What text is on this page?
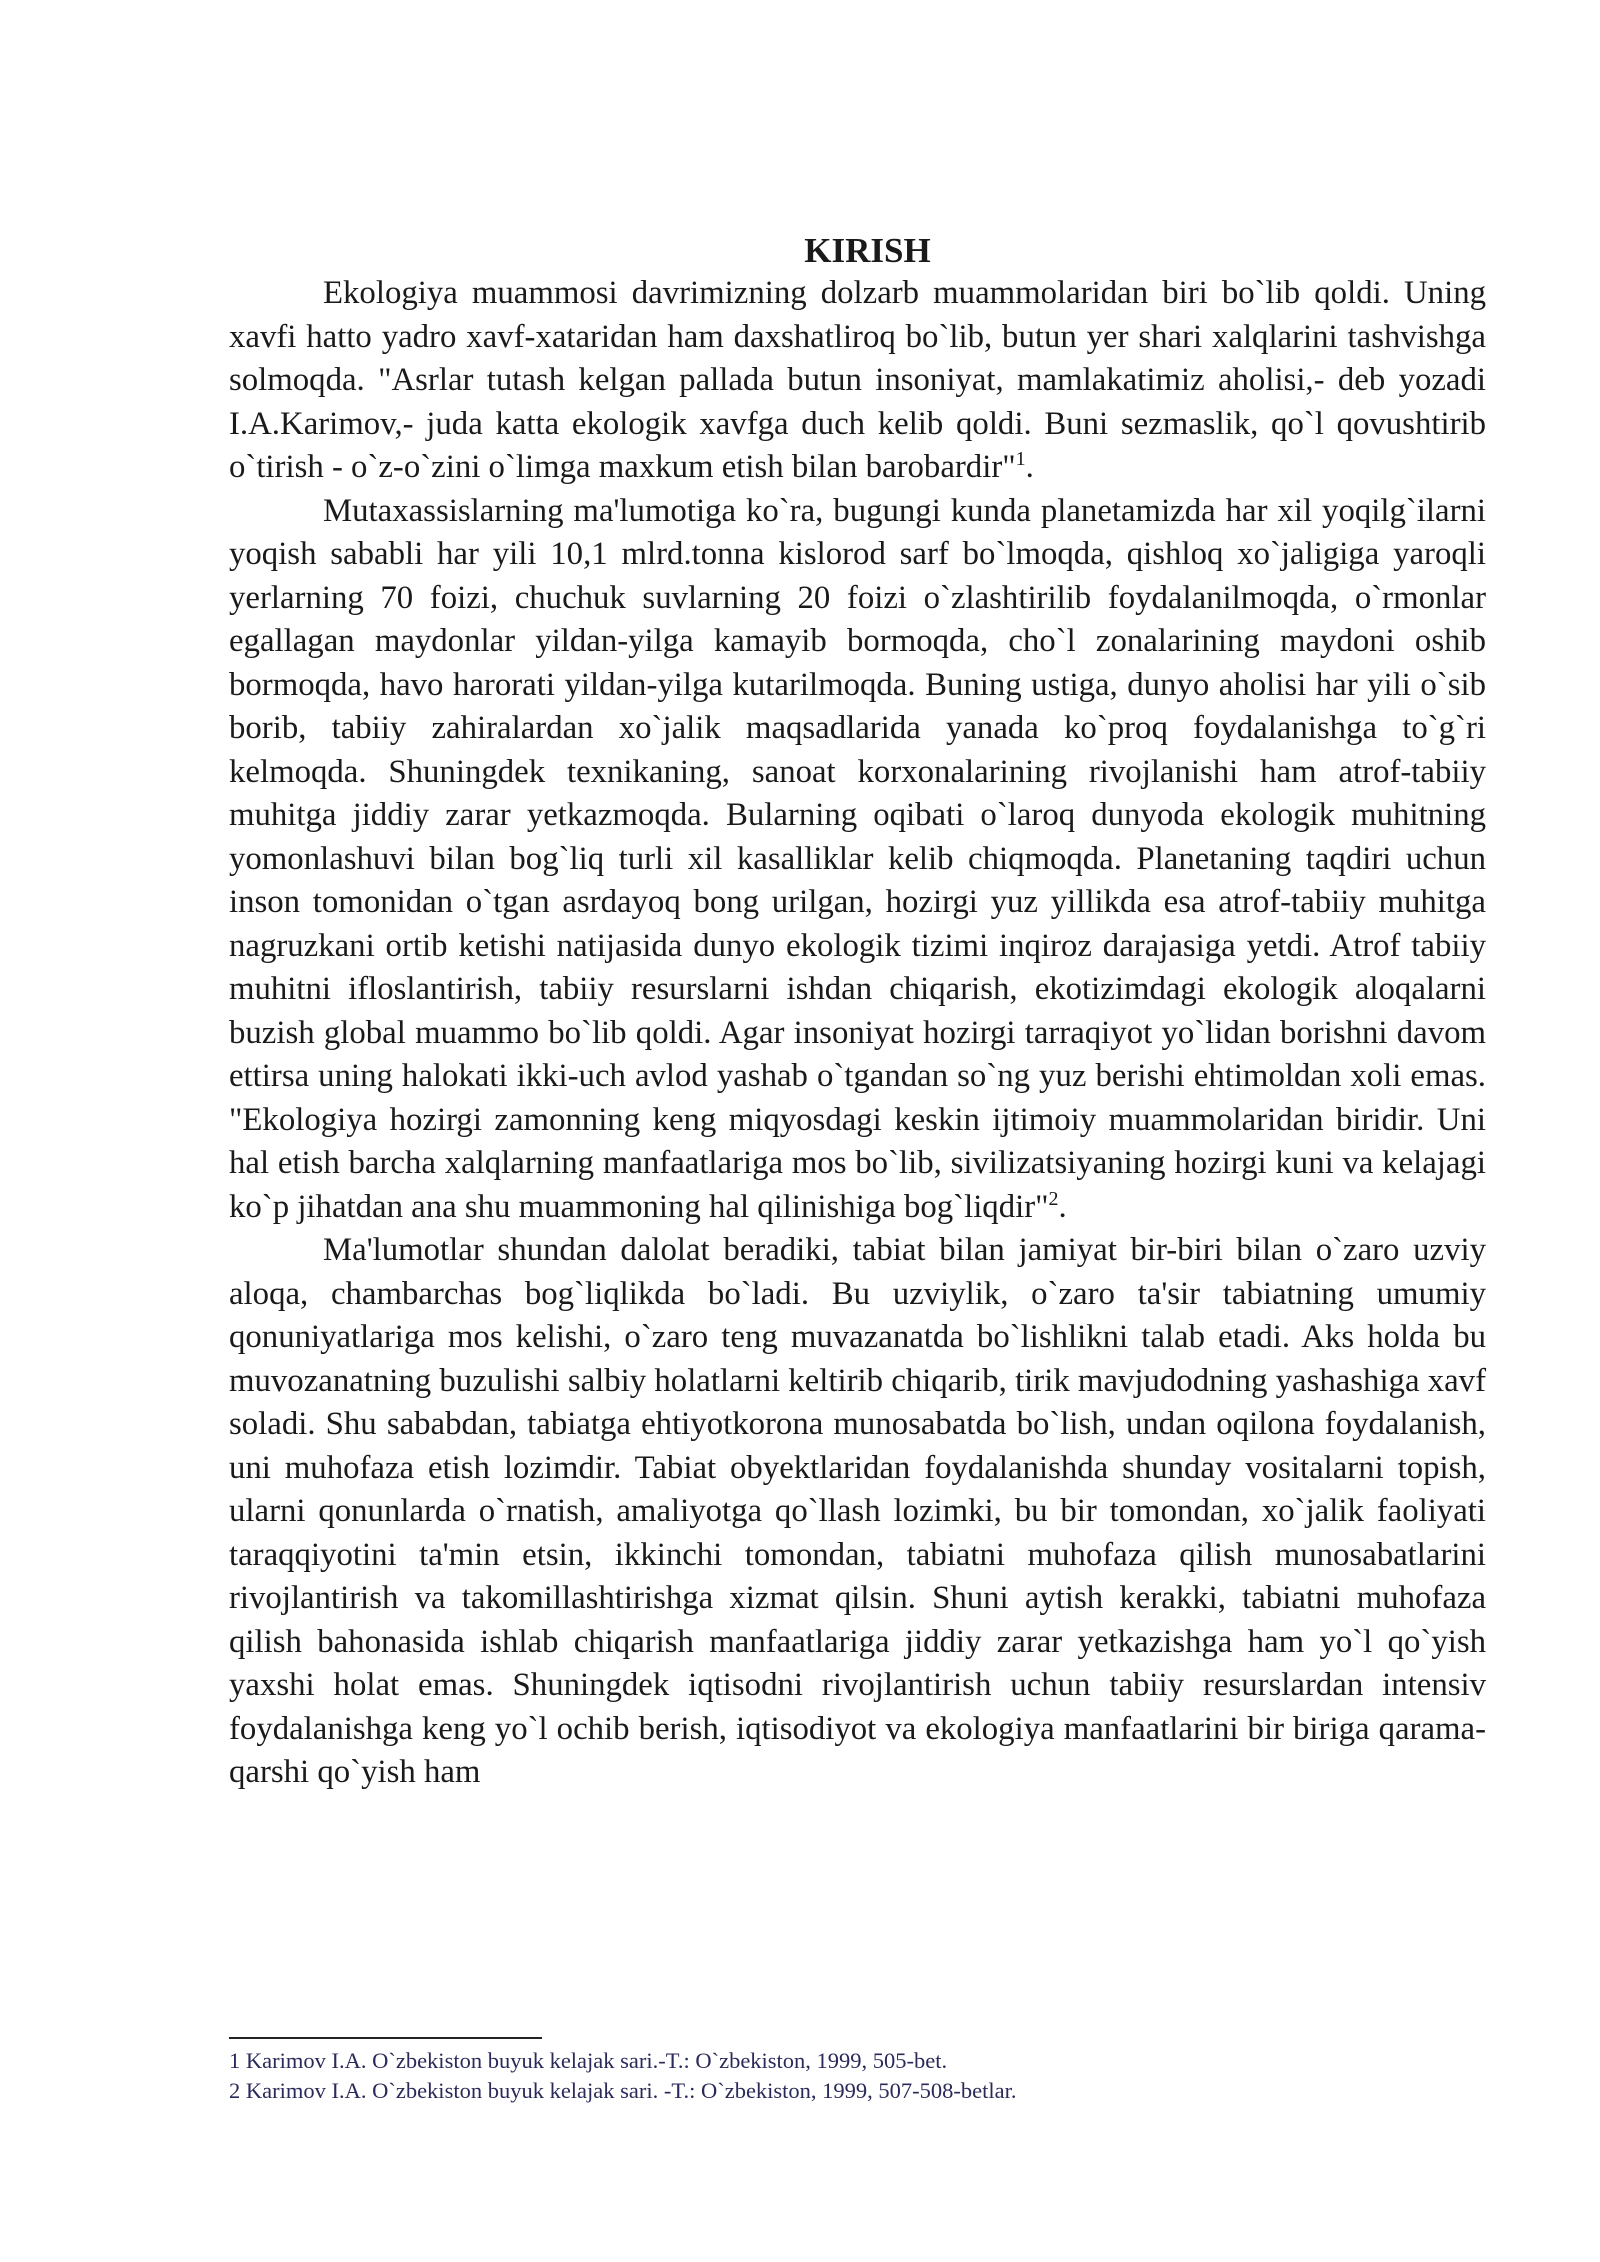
KIRISH

Ekologiya muammosi davrimizning dolzarb muammolaridan biri bo`lib qoldi. Uning xavfi hatto yadro xavf-xataridan ham daxshatliroq bo`lib, butun yer shari xalqlarini tashvishga solmoqda. "Asrlar tutash kelgan pallada butun insoniyat, mamlakatimiz aholisi,- deb yozadi I.A.Karimov,- juda katta ekologik xavfga duch kelib qoldi. Buni sezmaslik, qo`l qovushtirib o`tirish - o`z-o`zini o`limga maxkum etish bilan barobardir"$^1$.

Mutaxassislarning ma'lumotiga ko`ra, bugungi kunda planetamizda har xil yoqilg`ilarni yoqish sababli har yili 10,1 mlrd.tonna kislorod sarf bo`lmoqda, qishloq xo`jaligiga yaroqli yerlarning 70 foizi, chuchuk suvlarning 20 foizi o`zlashtirilib foydalanilmoqda, o`rmonlar egallagan maydonlar yildan-yilga kamayib bormoqda, cho`l zonalarining maydoni oshib bormoqda, havo harorati yildan-yilga kutarilmoqda. Buning ustiga, dunyo aholisi har yili o`sib borib, tabiiy zahiralardan xo`jalik maqsadlarida yanada ko`proq foydalanishga to`g`ri kelmoqda. Shuningdek texnikaning, sanoat korxonalarining rivojlanishi ham atrof-tabiiy muhitga jiddiy zarar yetkazmoqda. Bularning oqibati o`laroq dunyoda ekologik muhitning yomonlashuvi bilan bog`liq turli xil kasalliklar kelib chiqmoqda. Planetaning taqdiri uchun inson tomonidan o`tgan asrdayoq bong urilgan, hozirgi yuz yillikda esa atrof-tabiiy muhitga nagruzkani ortib ketishi natijasida dunyo ekologik tizimi inqiroz darajasiga yetdi. Atrof tabiiy muhitni ifloslantirish, tabiiy resurslarni ishdan chiqarish, ekotizimdagi ekologik aloqalarni buzish global muammo bo`lib qoldi. Agar insoniyat hozirgi tarraqiyot yo`lidan borishni davom ettirsa uning halokati ikki-uch avlod yashab o`tgandan so`ng yuz berishi ehtimoldan xoli emas. "Ekologiya hozirgi zamonning keng miqyosdagi keskin ijtimoiy muammolaridan biridir. Uni hal etish barcha xalqlarning manfaatlariga mos bo`lib, sivilizatsiyaning hozirgi kuni va kelajagi ko`p jihatdan ana shu muammoning hal qilinishiga bog`liqdir"$^2$.

Ma'lumotlar shundan dalolat beradiki, tabiat bilan jamiyat bir-biri bilan o`zaro uzviy aloqa, chambarchas bog`liqlikda bo`ladi. Bu uzviylik, o`zaro ta'sir tabiatning umumiy qonuniyatlariga mos kelishi, o`zaro teng muvazanatda bo`lishlikni talab etadi. Aks holda bu muvozanatning buzulishi salbiy holatlarni keltirib chiqarib, tirik mavjudodning yashashiga xavf soladi. Shu sababdan, tabiatga ehtiyotkorona munosabatda bo`lish, undan oqilona foydalanish, uni muhofaza etish lozimdir. Tabiat obyektlaridan foydalanishda shunday vositalarni topish, ularni qonunlarda o`rnatish, amaliyotga qo`llash lozimki, bu bir tomondan, xo`jalik faoliyati taraqqiyotini ta'min etsin, ikkinchi tomondan, tabiatni muhofaza qilish munosabatlarini rivojlantirish va takomillashtirishga xizmat qilsin. Shuni aytish kerakki, tabiatni muhofaza qilish bahonasida ishlab chiqarish manfaatlariga jiddiy zarar yetkazishga ham yo`l qo`yish yaxshi holat emas. Shuningdek iqtisodni rivojlantirish uchun tabiiy resurslardan intensiv foydalanishga keng yo`l ochib berish, iqtisodiyot va ekologiya manfaatlarini bir biriga qarama-qarshi qo`yish ham

1 Karimov I.A. O`zbekiston buyuk kelajak sari.-T.: O`zbekiston, 1999, 505-bet.

2 Karimov I.A. O`zbekiston buyuk kelajak sari. -T.: O`zbekiston, 1999, 507-508-betlar.
